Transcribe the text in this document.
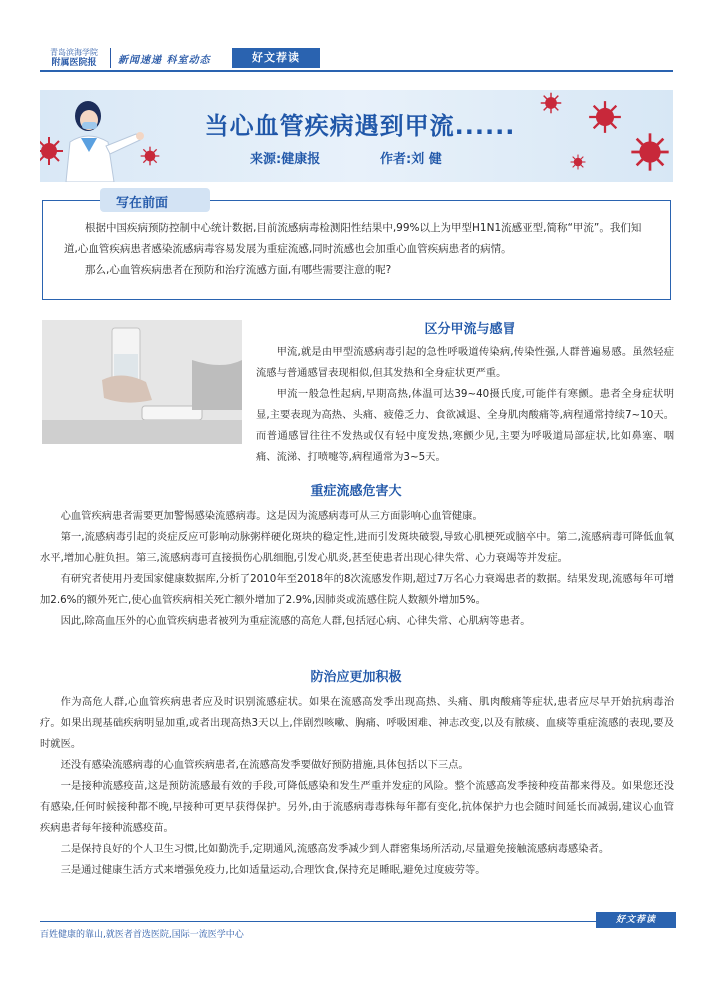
青岛滨海学院
附属医院报 新闻速递 科室动态	好文荐读
当心血管疾病遇到甲流......
来源:健康报	作者:刘 健
写在前面

根据中国疾病预防控制中心统计数据,目前流感病毒检测阳性结果中,99%以上为甲型H1N1流感亚型,简称“甲流”。我们知道,心血管疾病患者感染流感病毒容易发展为重症流感,同时流感也会加重心血管疾病患者的病情。

那么,心血管疾病患者在预防和治疗流感方面,有哪些需要注意的呢?

区分甲流与感冒

甲流,就是由甲型流感病毒引起的急性呼吸道传染病,传染性强,人群普遍易感。虽然轻症流感与普通感冒表现相似,但其发热和全身症状更严重。

甲流一般急性起病,早期高热,体温可达39~40摄氏度,可能伴有寒颤。患者全身症状明显,主要表现为高热、头痛、疲倦乏力、食欲减退、全身肌肉酸痛等,病程通常持续7~10天。而普通感冒往往不发热或仅有轻中度发热,寒颤少见,主要为呼吸道局部症状,比如鼻塞、咽痛、流涕、打喷嚏等,病程通常为3~5天。

重症流感危害大

心血管疾病患者需要更加警惕感染流感病毒。这是因为流感病毒可从三方面影响心血管健康。

第一,流感病毒引起的炎症反应可影响动脉粥样硬化斑块的稳定性,进而引发斑块破裂,导致心肌梗死或脑卒中。第二,流感病毒可降低血氧水平,增加心脏负担。第三,流感病毒可直接损伤心肌细胞,引发心肌炎,甚至使患者出现心律失常、心力衰竭等并发症。

有研究者使用丹麦国家健康数据库,分析了2010年至2018年的8次流感发作期,超过7万名心力衰竭患者的数据。结果发现,流感每年可增加2.6%的额外死亡,使心血管疾病相关死亡额外增加了2.9%,因肺炎或流感住院人数额外增加5%。

因此,除高血压外的心血管疾病患者被列为重症流感的高危人群,包括冠心病、心律失常、心肌病等患者。

防治应更加积极

作为高危人群,心血管疾病患者应及时识别流感症状。如果在流感高发季出现高热、头痛、肌肉酸痛等症状,患者应尽早开始抗病毒治疗。如果出现基础疾病明显加重,或者出现高热3天以上,伴剧烈咳嗽、胸痛、呼吸困难、神志改变,以及有脓痰、血痰等重症流感的表现,要及时就医。

还没有感染流感病毒的心血管疾病患者,在流感高发季要做好预防措施,具体包括以下三点。

一是接种流感疫苗,这是预防流感最有效的手段,可降低感染和发生严重并发症的风险。整个流感高发季接种疫苗都来得及。如果您还没有感染,任何时候接种都不晚,早接种可更早获得保护。另外,由于流感病毒毒株每年都有变化,抗体保护力也会随时间延长而减弱,建议心血管疾病患者每年接种流感疫苗。

二是保持良好的个人卫生习惯,比如勤洗手,定期通风,流感高发季减少到人群密集场所活动,尽量避免接触流感病毒感染者。

三是通过健康生活方式来增强免疫力,比如适量运动,合理饮食,保持充足睡眠,避免过度疲劳等。

好文荐读
百姓健康的靠山,就医者首选医院,国际一流医学中心
